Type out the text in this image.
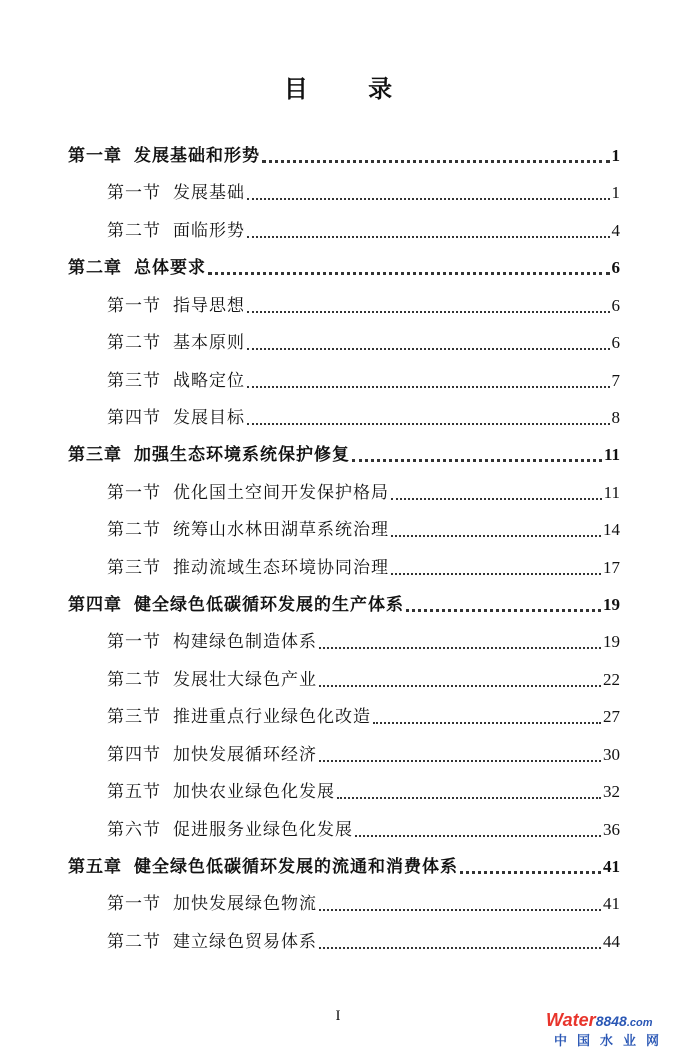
目 录
第一章 发展基础和形势	1
第一节 发展基础	1
第二节 面临形势	4
第二章 总体要求	6
第一节 指导思想	6
第二节 基本原则	6
第三节 战略定位	7
第四节 发展目标	8
第三章 加强生态环境系统保护修复	11
第一节 优化国土空间开发保护格局	11
第二节 统筹山水林田湖草系统治理	14
第三节 推动流域生态环境协同治理	17
第四章 健全绿色低碳循环发展的生产体系	19
第一节 构建绿色制造体系	19
第二节 发展壮大绿色产业	22
第三节 推进重点行业绿色化改造	27
第四节 加快发展循环经济	30
第五节 加快农业绿色化发展	32
第六节 促进服务业绿色化发展	36
第五章 健全绿色低碳循环发展的流通和消费体系	41
第一节 加快发展绿色物流	41
第二节 建立绿色贸易体系	44
I	Water8848.com
中国水业网
